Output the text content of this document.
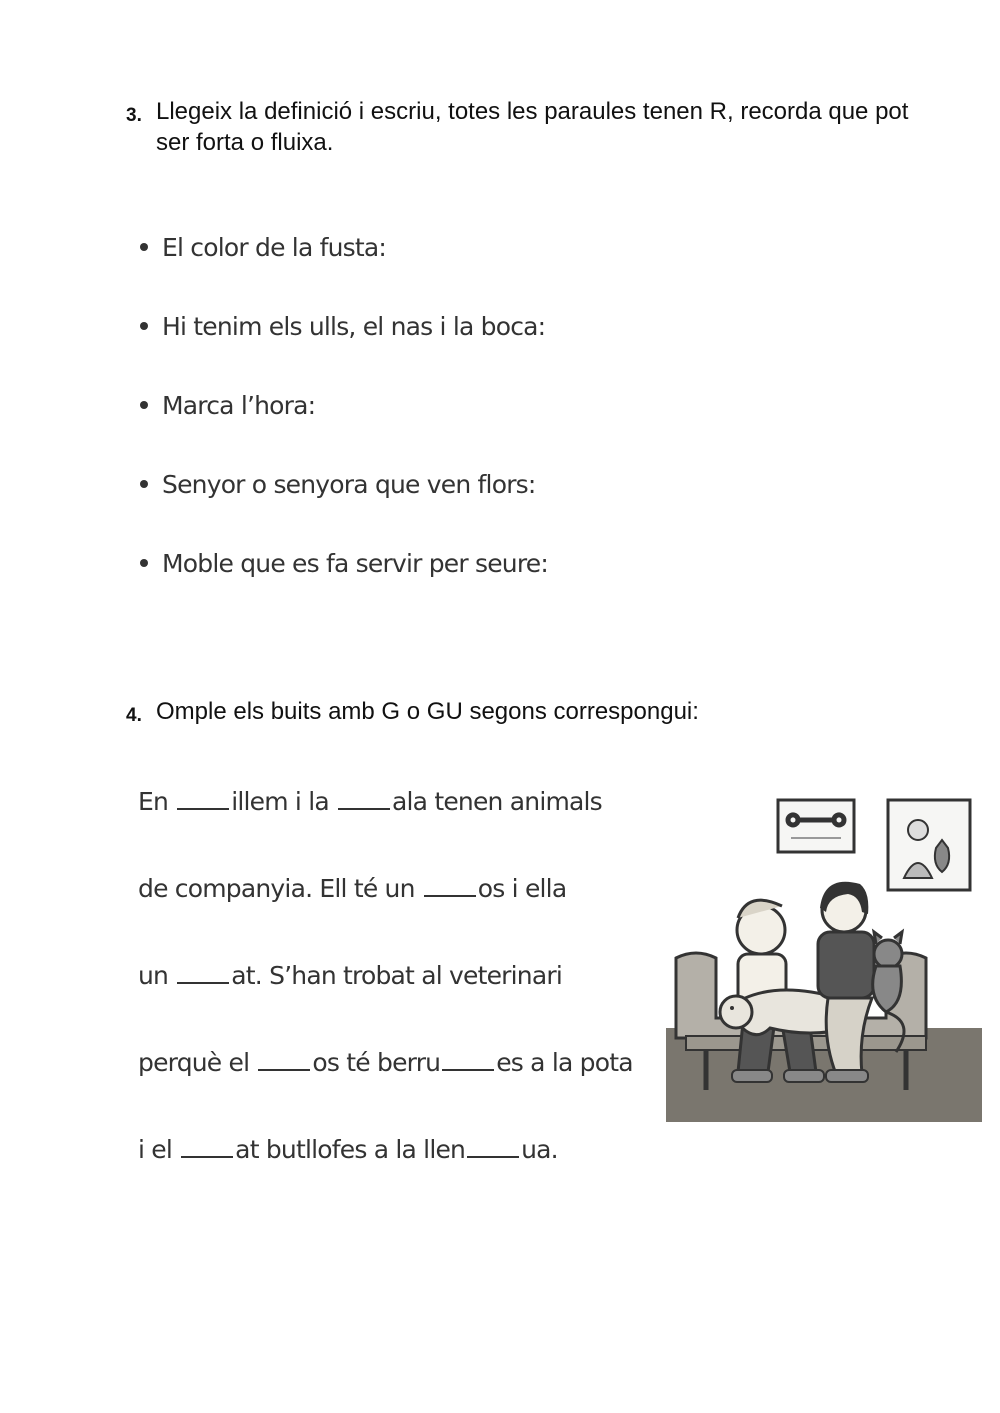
3. Llegeix la definició i escriu, totes les paraules tenen R, recorda que pot ser forta o fluixa.
El color de la fusta:
Hi tenim els ulls, el nas i la boca:
Marca l’hora:
Senyor o senyora que ven flors:
Moble que es fa servir per seure:
4. Omple els buits amb G o GU segons correspongui:
En illem i la ala tenen animals
de companyia. Ell té un os i ella
un at. S’han trobat al veterinari
perquè el os té berru es a la pota
i el at butllofes a la llen ua.
